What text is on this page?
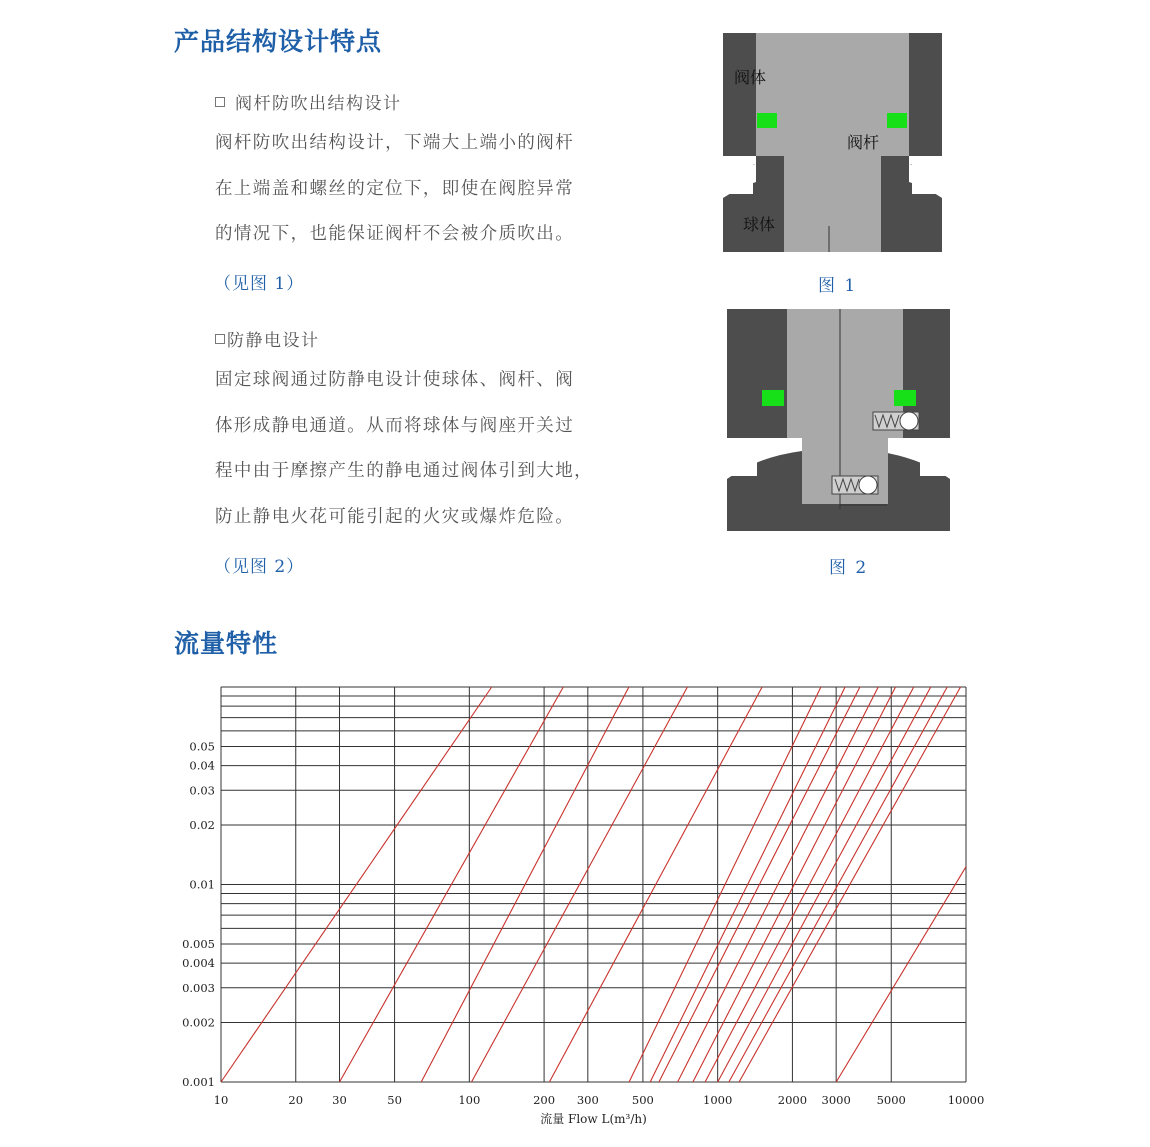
产品结构设计特点
阀杆防吹出结构设计
阀杆防吹出结构设计，下端大上端小的阀杆
在上端盖和螺丝的定位下，即使在阀腔异常
的情况下，也能保证阀杆不会被介质吹出。
（见图 1）
防静电设计
固定球阀通过防静电设计使球体、阀杆、阀
体形成静电通道。从而将球体与阀座开关过
程中由于摩擦产生的静电通过阀体引到大地，
防止静电火花可能引起的火灾或爆炸危险。
（见图 2）
阀体
阀杆
球体
图 1
图 2
流量特性
10	20	30	50	100	200 300	500	1000	2000 3000 5000	10000
0.001
0.002
0.003
0.004
0.005
0.01
0.02
0.03
0.04
0.05
流量 Flow L(m³/h)
